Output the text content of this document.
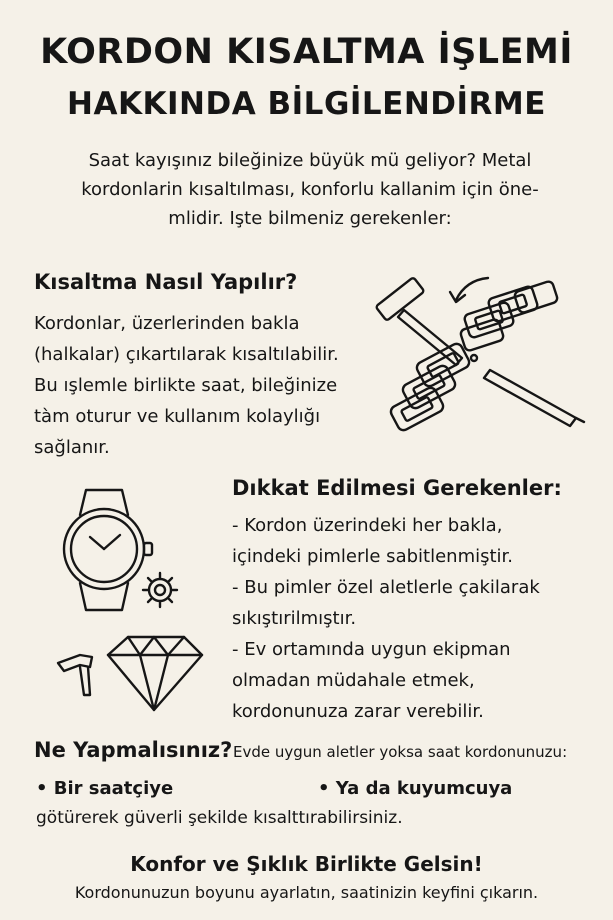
KORDON KISALTMA İŞLEMİ
HAKKINDA BİLGİLENDİRME
Saat kayışınız bileğinize büyük mü geliyor? Metal
kordonlarin kısaltılması, konforlu kallanim için öne-
mlidir. Işte bilmeniz gerekenler:
Kısaltma Nasıl Yapılır?
Kordonlar, üzerlerinden bakla
(halkalar) çıkartılarak kısaltılabilir.
Bu ışlemle birlikte saat, bileğinize
tàm oturur ve kullanım kolaylığı
sağlanır.
Dıkkat Edilmesi Gerekenler:
- Kordon üzerindeki her bakla,
içindeki pimlerle sabitlenmiştir.
- Bu pimler özel aletlerle çakilarak
sıkıştırilmıştır.
- Ev ortamında uygun ekipman
olmadan müdahale etmek,
kordonunuza zarar verebilir.
Ne Yapmalısınız? Evde uygun aletler yoksa saat kordonunuzu:
• Bir saatçiye	• Ya da kuyumcuya
götürerek güverli şekilde kısalttırabilirsiniz.
Konfor ve Şıklık Birlikte Gelsin!
Kordonunuzun boyunu ayarlatın, saatinizin keyfini çıkarın.
